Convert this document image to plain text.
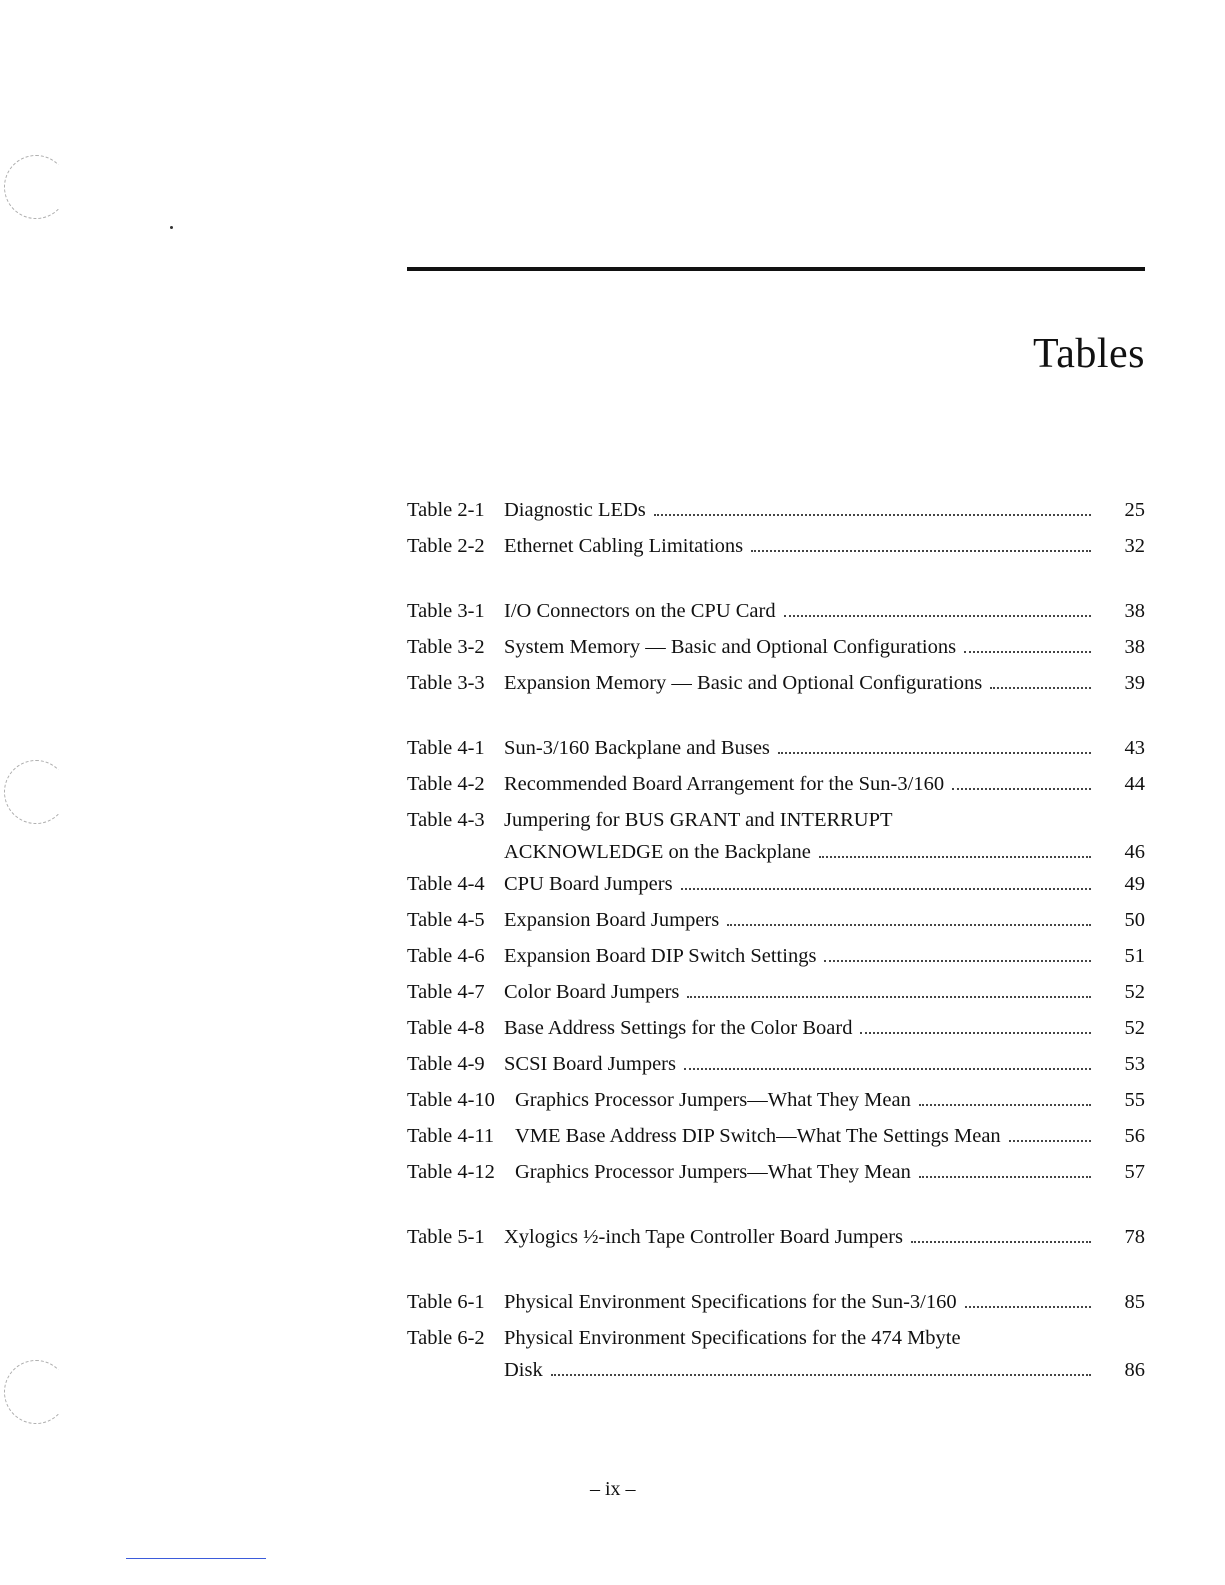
Tables
Table 2-1 Diagnostic LEDs	25
Table 2-2 Ethernet Cabling Limitations	32
Table 3-1 I/O Connectors on the CPU Card	38
Table 3-2 System Memory — Basic and Optional Configurations	38
Table 3-3 Expansion Memory — Basic and Optional Configurations	39
Table 4-1 Sun-3/160 Backplane and Buses	43
Table 4-2 Recommended Board Arrangement for the Sun-3/160	44
Table 4-3 Jumpering for BUS GRANT and INTERRUPT
ACKNOWLEDGE on the Backplane	46
Table 4-4 CPU Board Jumpers	49
Table 4-5 Expansion Board Jumpers	50
Table 4-6 Expansion Board DIP Switch Settings	51
Table 4-7 Color Board Jumpers	52
Table 4-8 Base Address Settings for the Color Board	52
Table 4-9 SCSI Board Jumpers	53
Table 4-10 Graphics Processor Jumpers—What They Mean	55
Table 4-11	VME Base Address DIP Switch—What The Settings Mean	56
Table 4-12 Graphics Processor Jumpers—What They Mean	57
Table 5-1 Xylogics ½-inch Tape Controller Board Jumpers	78
Table 6-1 Physical Environment Specifications for the Sun-3/160	85
Table 6-2 Physical Environment Specifications for the 474 Mbyte
Disk	86
– ix –
